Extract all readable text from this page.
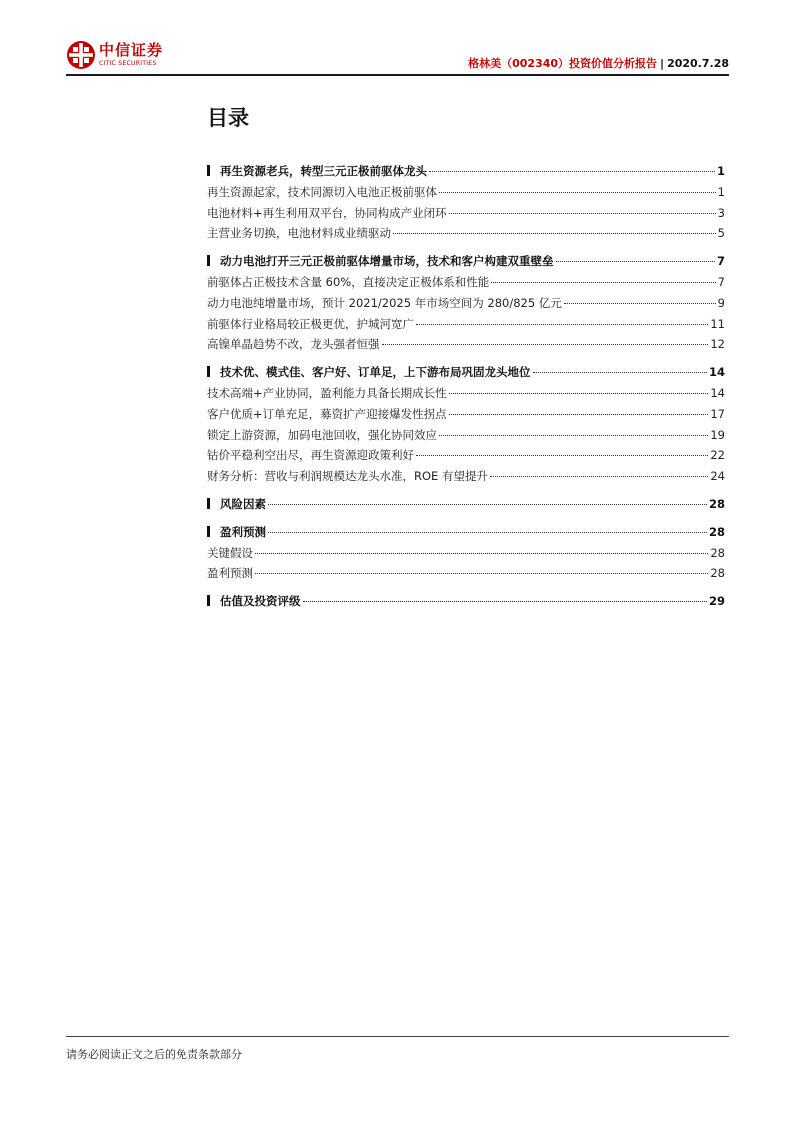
中信证券
CITIC SECURITIES	格林美（002340）投资价值分析报告 | 2020.7.28
目录
再生资源老兵，转型三元正极前驱体龙头	1
再生资源起家，技术同源切入电池正极前驱体	1
电池材料+再生利用双平台，协同构成产业闭环	3
主营业务切换，电池材料成业绩驱动	5
动力电池打开三元正极前驱体增量市场，技术和客户构建双重壁垒	7
前驱体占正极技术含量 60%，直接决定正极体系和性能	7
动力电池纯增量市场，预计 2021/2025 年市场空间为 280/825 亿元	9
前驱体行业格局较正极更优，护城河宽广	11
高镍单晶趋势不改，龙头强者恒强	12
技术优、模式佳、客户好、订单足，上下游布局巩固龙头地位	14
技术高端+产业协同，盈利能力具备长期成长性	14
客户优质+订单充足，募资扩产迎接爆发性拐点	17
锁定上游资源，加码电池回收，强化协同效应	19
钴价平稳利空出尽，再生资源迎政策利好	22
财务分析：营收与利润规模达龙头水准，ROE 有望提升	24
风险因素	28
盈利预测	28
关键假设	28
盈利预测	28
估值及投资评级	29
请务必阅读正文之后的免责条款部分
